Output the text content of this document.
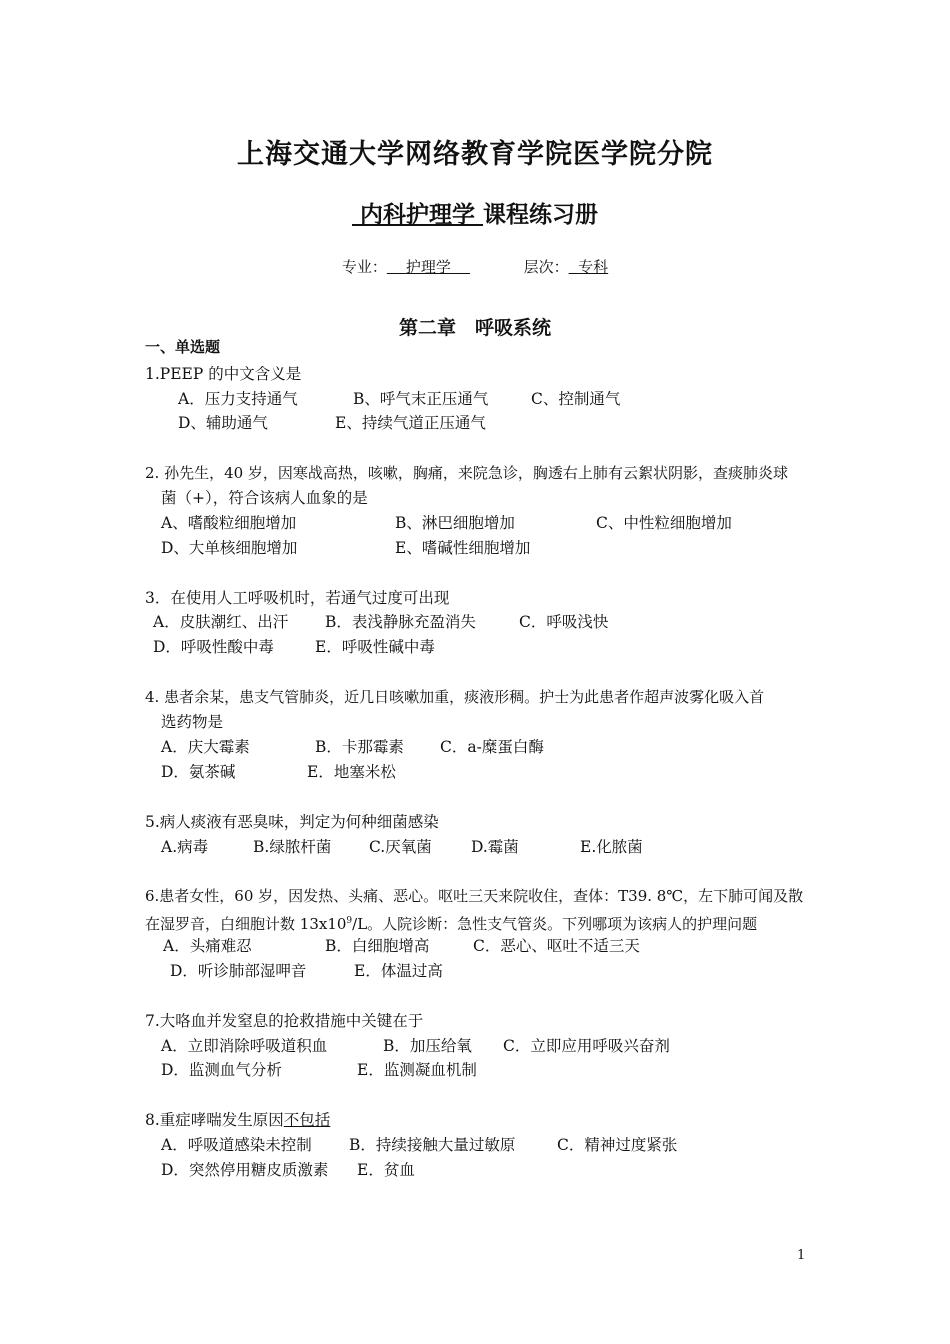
上海交通大学网络教育学院医学院分院
内科护理学 课程练习册
专业： 护理学	层次： 专科
第二章　呼吸系统
一、单选题
1.PEEP 的中文含义是
A．压力支持通气	B、呼气末正压通气	C、控制通气
D、辅助通气	E、持续气道正压通气
2. 孙先生，40 岁，因寒战高热，咳嗽，胸痛，来院急诊，胸透右上肺有云絮状阴影，查痰肺炎球
菌（+），符合该病人血象的是
A、嗜酸粒细胞增加	B、淋巴细胞增加	C、中性粒细胞增加
D、大单核细胞增加	E、嗜碱性细胞增加
3．在使用人工呼吸机时，若通气过度可出现
A．皮肤潮红、出汗 B．表浅静脉充盈消失	C．呼吸浅快
D．呼吸性酸中毒	E．呼吸性碱中毒
4. 患者余某，患支气管肺炎，近几日咳嗽加重，痰液形稠。护士为此患者作超声波雾化吸入首
选药物是
A．庆大霉素	B．卡那霉素 C．a-糜蛋白酶
D．氨茶碱	E．地塞米松
5.病人痰液有恶臭味，判定为何种细菌感染
A.病毒	B.绿脓杆菌 C.厌氧菌	D.霉菌	E.化脓菌
6.患者女性，60 岁，因发热、头痛、恶心。呕吐三天来院收住，查体：T39. 8℃，左下肺可闻及散
在湿罗音，白细胞计数 $13x10^9/L$。人院诊断：急性支气管炎。下列哪项为该病人的护理问题
A．头痛难忍	B．白细胞增高	C．恶心、呕吐不适三天
D．听诊肺部湿呷音	E．体温过高
7.大咯血并发窒息的抢救措施中关键在于
A．立即消除呼吸道积血	B．加压给氧 C．立即应用呼吸兴奋剂
D．监测血气分析	E．监测凝血机制
8.重症哮喘发生原因不包括
A．呼吸道感染未控制 B．持续接触大量过敏原	C．精神过度紧张
D．突然停用糖皮质激素 E．贫血
1
